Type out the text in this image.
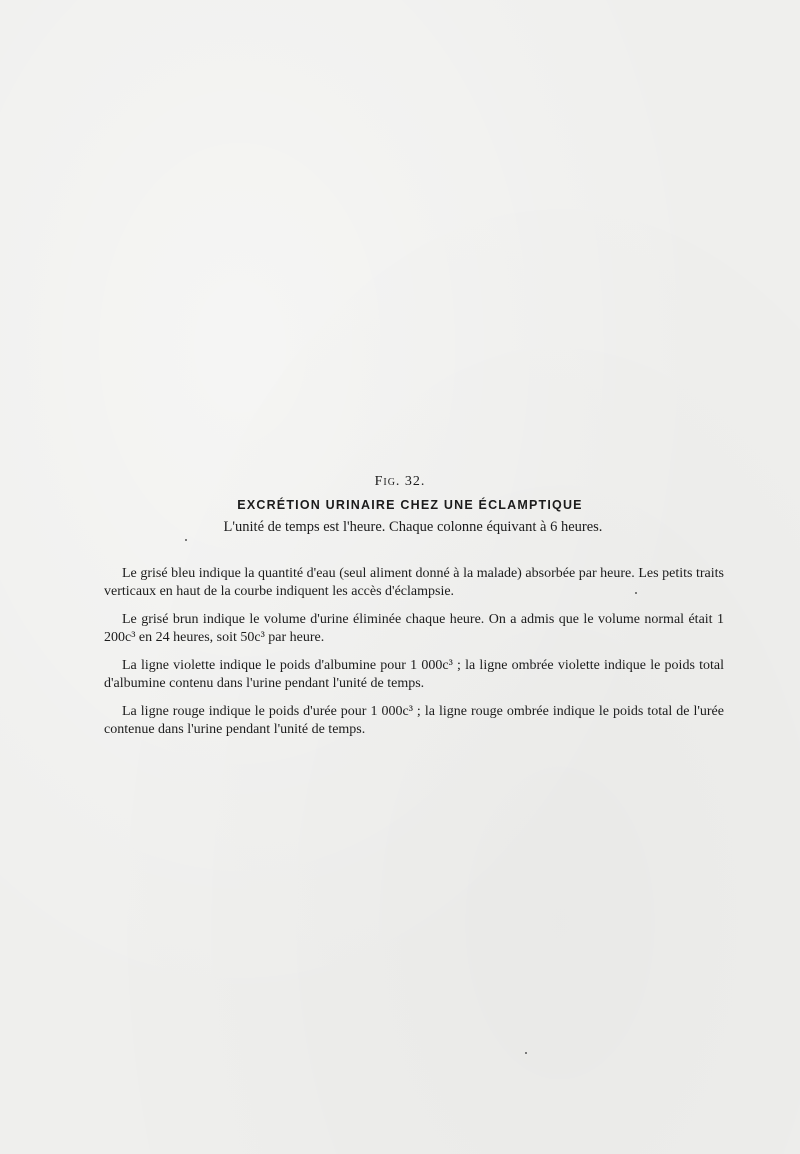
Fig. 32.
EXCRÉTION URINAIRE CHEZ UNE ÉCLAMPTIQUE
L'unité de temps est l'heure. Chaque colonne équivant à 6 heures.

Le grisé bleu indique la quantité d'eau (seul aliment donné à la malade) absorbée par heure. Les petits traits verticaux en haut de la courbe indiquent les accès d'éclampsie.

Le grisé brun indique le volume d'urine éliminée chaque heure. On a admis que le volume normal était 1 200c³ en 24 heures, soit 50c³ par heure.

La ligne violette indique le poids d'albumine pour 1 000c³ ; la ligne ombrée violette indique le poids total d'albumine contenu dans l'urine pendant l'unité de temps.

La ligne rouge indique le poids d'urée pour 1 000c³ ; la ligne rouge ombrée indique le poids total de l'urée contenue dans l'urine pendant l'unité de temps.
